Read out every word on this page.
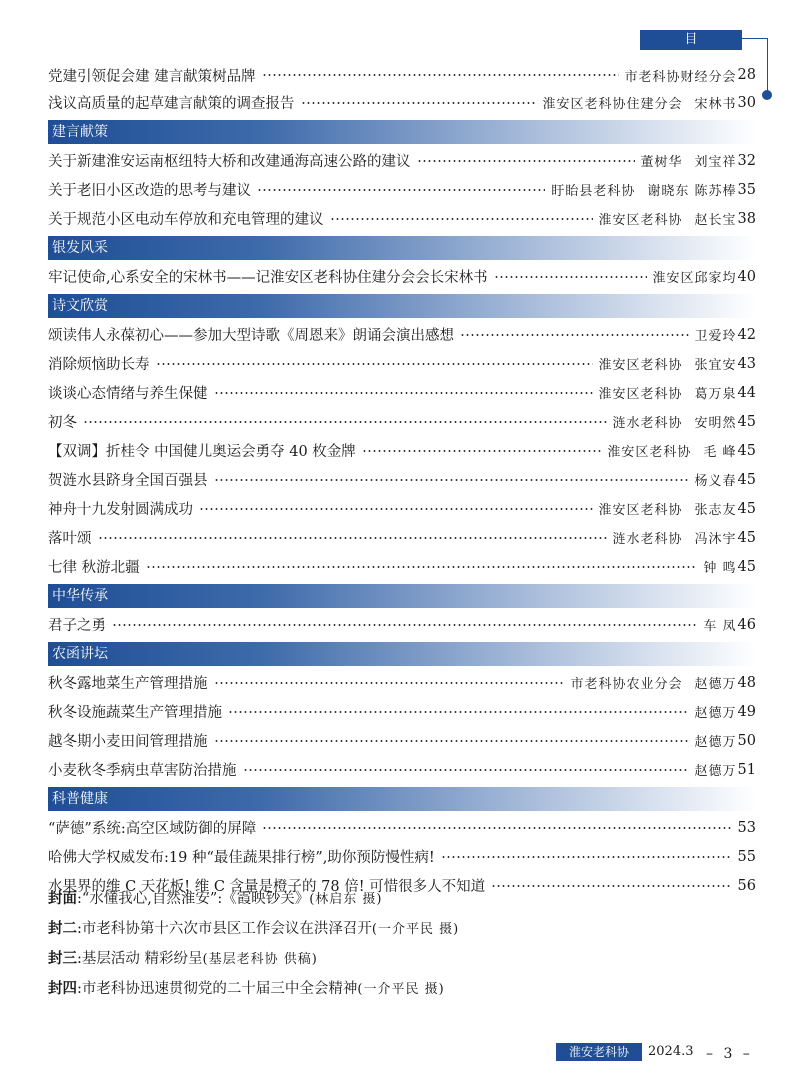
目 录
党建引领促会建 建言献策树品牌	市老科协财经分会 28
浅议高质量的起草建言献策的调查报告	淮安区老科协住建分会 宋林书 30
建言献策
关于新建淮安运南枢纽特大桥和改建通海高速公路的建议	董树华 刘宝祥 32
关于老旧小区改造的思考与建议	盱眙县老科协 谢晓东 陈苏棒 35
关于规范小区电动车停放和充电管理的建议	淮安区老科协 赵长宝 38
银发风采
牢记使命,心系安全的宋林书——记淮安区老科协住建分会会长宋林书	淮安区邱家均 40
诗文欣赏
颂读伟人永葆初心——参加大型诗歌《周恩来》朗诵会演出感想	卫爱玲 42
消除烦恼助长寿	淮安区老科协 张宜安 43
谈谈心态情绪与养生保健	淮安区老科协 葛万泉 44
初冬	涟水老科协 安明然 45
【双调】折桂令 中国健儿奥运会勇夺 40 枚金牌	淮安区老科协 毛 峰 45
贺涟水县跻身全国百强县	杨义春 45
神舟十九发射圆满成功	淮安区老科协 张志友 45
落叶颂	涟水老科协 冯沐宇 45
七律 秋游北疆	钟 鸣 45
中华传承
君子之勇	车 凤 46
农函讲坛
秋冬露地菜生产管理措施	市老科协农业分会 赵德万 48
秋冬设施蔬菜生产管理措施	赵德万 49
越冬期小麦田间管理措施	赵德万 50
小麦秋冬季病虫草害防治措施	赵德万 51
科普健康
“萨德”系统:高空区域防御的屏障	53
哈佛大学权威发布:19 种“最佳蔬果排行榜”,助你预防慢性病!	55
水果界的维 C 天花板! 维 C 含量是橙子的 78 倍! 可惜很多人不知道	56
封面:“水懂我心,自然淮安”:《霞映钞关》(林启东 摄)
封二:市老科协第十六次市县区工作会议在洪泽召开(一介平民 摄)
封三:基层活动 精彩纷呈(基层老科协 供稿)
封四:市老科协迅速贯彻党的二十届三中全会精神(一介平民 摄)
淮安老科协	2024.3 – 3 –
